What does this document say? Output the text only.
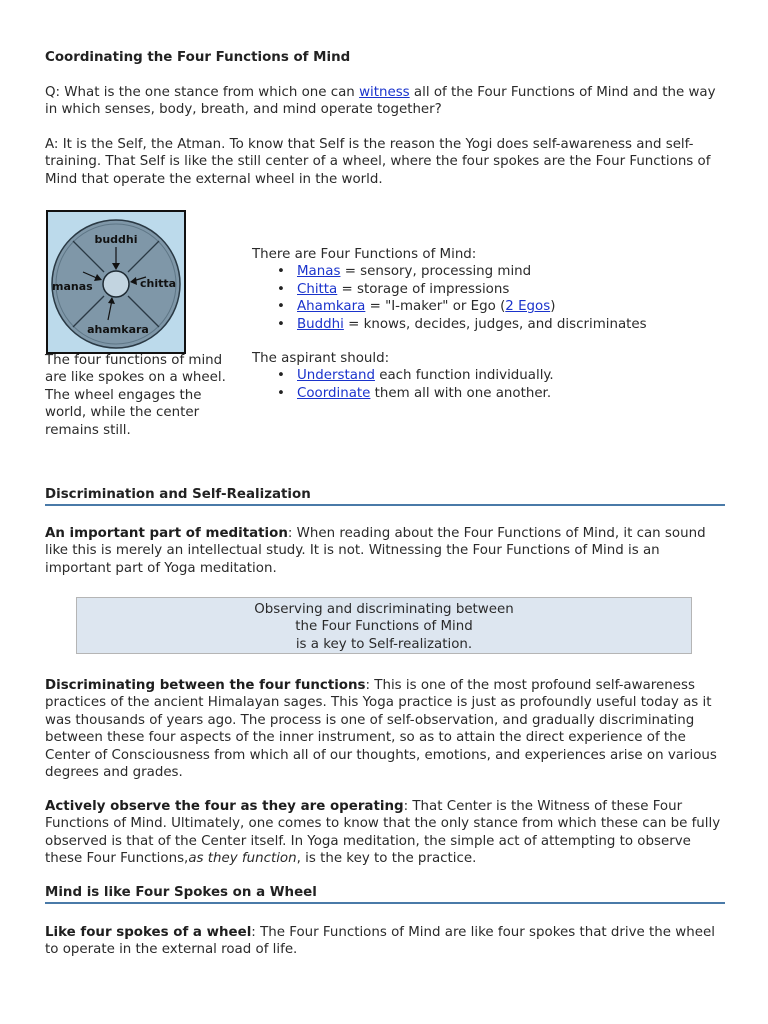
Coordinating the Four Functions of Mind

Q: What is the one stance from which one can witness all of the Four Functions of Mind and the way in which senses, body, breath, and mind operate together?

A: It is the Self, the Atman. To know that Self is the reason the Yogi does self-awareness and self-training. That Self is like the still center of a wheel, where the four spokes are the Four Functions of Mind that operate the external wheel in the world.

buddhi
manas	chitta
ahamkara

The four functions of mind are like spokes on a wheel. The wheel engages the world, while the center remains still.

There are Four Functions of Mind:
• Manas = sensory, processing mind
• Chitta = storage of impressions
• Ahamkara = "I-maker" or Ego (2 Egos)
• Buddhi = knows, decides, judges, and discriminates
The aspirant should:
• Understand each function individually.
• Coordinate them all with one another.

Discrimination and Self-Realization

An important part of meditation: When reading about the Four Functions of Mind, it can sound like this is merely an intellectual study. It is not. Witnessing the Four Functions of Mind is an important part of Yoga meditation.

Observing and discriminating between
the Four Functions of Mind
is a key to Self-realization.

Discriminating between the four functions: This is one of the most profound self-awareness practices of the ancient Himalayan sages. This Yoga practice is just as profoundly useful today as it was thousands of years ago. The process is one of self-observation, and gradually discriminating between these four aspects of the inner instrument, so as to attain the direct experience of the Center of Consciousness from which all of our thoughts, emotions, and experiences arise on various degrees and grades.

Actively observe the four as they are operating: That Center is the Witness of these Four Functions of Mind. Ultimately, one comes to know that the only stance from which these can be fully observed is that of the Center itself. In Yoga meditation, the simple act of attempting to observe these Four Functions,as they function, is the key to the practice.

Mind is like Four Spokes on a Wheel

Like four spokes of a wheel: The Four Functions of Mind are like four spokes that drive the wheel to operate in the external road of life.
